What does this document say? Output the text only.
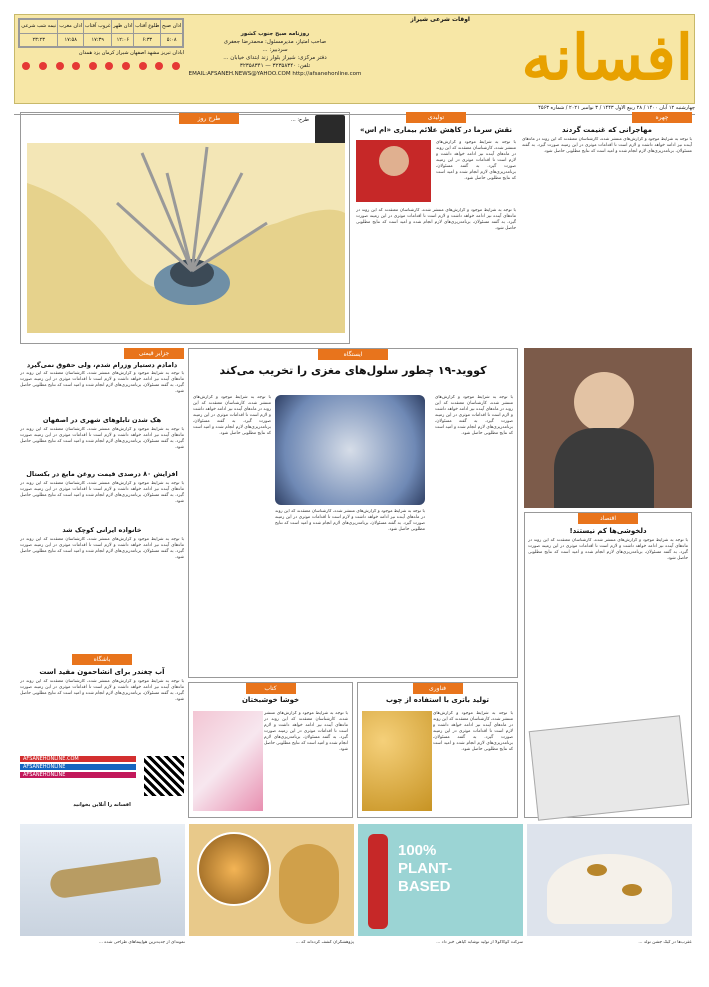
افسانه
اوقات شرعی شیراز
روزنامه صبح جنوب کشور
صاحب امتیاز، مدیرمسئول: محمدرضا جعفری
سردبیر: ...
دفتر مرکزی: شیراز بلوار زند ابتدای خیابان ...
تلفن: ۳۲۳۵۸۳۴۰ — ۳۲۳۵۸۳۴۱
EMAIL:AFSANEH.NEWS@YAHOO.COM http://afsanehonline.com
اذان صبح	طلوع آفتاب	اذان ظهر	غروب آفتاب	اذان مغرب	نیمه شب شرعی
۵:۰۸	۶:۳۳	۱۲:۰۶	۱۷:۳۹	۱۷:۵۸	۲۳:۲۳
آبادان تبریز مشهد اصفهان شیراز کرمان یزد همدان
چهارشنبه ۱۲ آبان ۱۴۰۰ / ۲۸ ربیع الاول ۱۴۴۳ / ۳ نوامبر ۲۰۲۱ / شماره ۴۵۶۳
طرح روز	طرح: ...	تولیدی
نقش سرما در کاهش علائم بیماری «ام اس»
با توجه به شرایط موجود و گزارش‌های منتشر شده، کارشناسان معتقدند که این روند در ماه‌های آینده نیز ادامه خواهد داشت و لازم است تا اقدامات موثری در این زمینه صورت گیرد. به گفته مسئولان، برنامه‌ریزی‌های لازم انجام شده و امید است که نتایج مطلوبی حاصل شود.
با توجه به شرایط موجود و گزارش‌های منتشر شده، کارشناسان معتقدند که این روند در ماه‌های آینده نیز ادامه خواهد داشت و لازم است تا اقدامات موثری در این زمینه صورت گیرد. به گفته مسئولان، برنامه‌ریزی‌های لازم انجام شده و امید است که نتایج مطلوبی حاصل شود.
چهره
مهاجرانی که غنیمت گردند
با توجه به شرایط موجود و گزارش‌های منتشر شده، کارشناسان معتقدند که این روند در ماه‌های آینده نیز ادامه خواهد داشت و لازم است تا اقدامات موثری در این زمینه صورت گیرد. به گفته مسئولان، برنامه‌ریزی‌های لازم انجام شده و امید است که نتایج مطلوبی حاصل شود.
ایستگاه
کووید-۱۹ چطور سلول‌های مغزی را تخریب می‌کند
با توجه به شرایط موجود و گزارش‌های منتشر شده، کارشناسان معتقدند که این روند در ماه‌های آینده نیز ادامه خواهد داشت و لازم است تا اقدامات موثری در این زمینه صورت گیرد. به گفته مسئولان، برنامه‌ریزی‌های لازم انجام شده و امید است که نتایج مطلوبی حاصل شود.
با توجه به شرایط موجود و گزارش‌های منتشر شده، کارشناسان معتقدند که این روند در ماه‌های آینده نیز ادامه خواهد داشت و لازم است تا اقدامات موثری در این زمینه صورت گیرد. به گفته مسئولان، برنامه‌ریزی‌های لازم انجام شده و امید است که نتایج مطلوبی حاصل شود.
با توجه به شرایط موجود و گزارش‌های منتشر شده، کارشناسان معتقدند که این روند در ماه‌های آینده نیز ادامه خواهد داشت و لازم است تا اقدامات موثری در این زمینه صورت گیرد. به گفته مسئولان، برنامه‌ریزی‌های لازم انجام شده و امید است که نتایج مطلوبی حاصل شود.
اقتصاد
دلخوشی‌ها کم نیستند!
با توجه به شرایط موجود و گزارش‌های منتشر شده، کارشناسان معتقدند که این روند در ماه‌های آینده نیز ادامه خواهد داشت و لازم است تا اقدامات موثری در این زمینه صورت گیرد. به گفته مسئولان، برنامه‌ریزی‌های لازم انجام شده و امید است که نتایج مطلوبی حاصل شود.
جزایر قیمتی
دامادم دستیار وزرام شدم، ولی حقوق نمی‌گیرد
با توجه به شرایط موجود و گزارش‌های منتشر شده، کارشناسان معتقدند که این روند در ماه‌های آینده نیز ادامه خواهد داشت و لازم است تا اقدامات موثری در این زمینه صورت گیرد. به گفته مسئولان، برنامه‌ریزی‌های لازم انجام شده و امید است که نتایج مطلوبی حاصل شود.
هک شدن تابلوهای شهری در اصفهان
با توجه به شرایط موجود و گزارش‌های منتشر شده، کارشناسان معتقدند که این روند در ماه‌های آینده نیز ادامه خواهد داشت و لازم است تا اقدامات موثری در این زمینه صورت گیرد. به گفته مسئولان، برنامه‌ریزی‌های لازم انجام شده و امید است که نتایج مطلوبی حاصل شود.
افزایش ۸۰ درصدی قیمت روغن مایع در بکستال
با توجه به شرایط موجود و گزارش‌های منتشر شده، کارشناسان معتقدند که این روند در ماه‌های آینده نیز ادامه خواهد داشت و لازم است تا اقدامات موثری در این زمینه صورت گیرد. به گفته مسئولان، برنامه‌ریزی‌های لازم انجام شده و امید است که نتایج مطلوبی حاصل شود.
خانواده ایرانی کوچک شد
با توجه به شرایط موجود و گزارش‌های منتشر شده، کارشناسان معتقدند که این روند در ماه‌های آینده نیز ادامه خواهد داشت و لازم است تا اقدامات موثری در این زمینه صورت گیرد. به گفته مسئولان، برنامه‌ریزی‌های لازم انجام شده و امید است که نتایج مطلوبی حاصل شود.
باشگاه
آب چغندر برای انشاحمون مفید است
با توجه به شرایط موجود و گزارش‌های منتشر شده، کارشناسان معتقدند که این روند در ماه‌های آینده نیز ادامه خواهد داشت و لازم است تا اقدامات موثری در این زمینه صورت گیرد. به گفته مسئولان، برنامه‌ریزی‌های لازم انجام شده و امید است که نتایج مطلوبی حاصل شود.
AFSANEHONLINE.COM
AFSANEHONLINE
AFSANEHONLINE
افسانه را آنلاین بخوانید
کتاب
خوشا خوشبختان
با توجه به شرایط موجود و گزارش‌های منتشر شده، کارشناسان معتقدند که این روند در ماه‌های آینده نیز ادامه خواهد داشت و لازم است تا اقدامات موثری در این زمینه صورت گیرد. به گفته مسئولان، برنامه‌ریزی‌های لازم انجام شده و امید است که نتایج مطلوبی حاصل شود.
فناوری
تولید باتری با استفاده از چوب
با توجه به شرایط موجود و گزارش‌های منتشر شده، کارشناسان معتقدند که این روند در ماه‌های آینده نیز ادامه خواهد داشت و لازم است تا اقدامات موثری در این زمینه صورت گیرد. به گفته مسئولان، برنامه‌ریزی‌های لازم انجام شده و امید است که نتایج مطلوبی حاصل شود.
100%
PLANT-
BASED
نمونه‌ای از جدیدترین هواپیماهای طراحی شده ...	پژوهشگران کشف کرده‌اند که ...	سرکت کوکاکولا از تولید نوشابه گیاهی خبر داد ...	عقرب‌ها در کیک جشن تولد ...
